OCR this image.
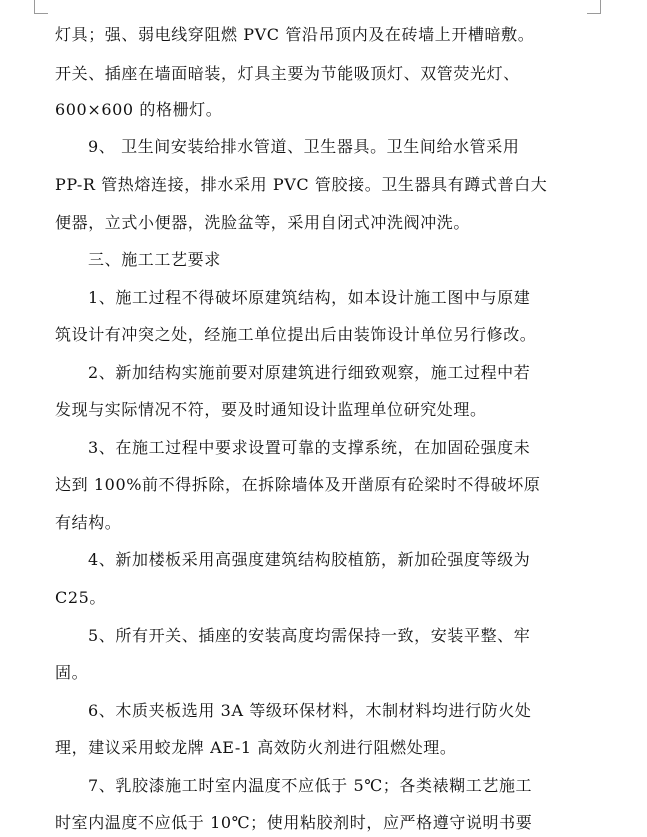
灯具；强、弱电线穿阻燃 PVC 管沿吊顶内及在砖墙上开槽暗敷。
开关、插座在墙面暗装，灯具主要为节能吸顶灯、双管荧光灯、
600×600 的格栅灯。
9、 卫生间安装给排水管道、卫生器具。卫生间给水管采用
PP-R 管热熔连接，排水采用 PVC 管胶接。卫生器具有蹲式普白大
便器，立式小便器，洗脸盆等，采用自闭式冲洗阀冲洗。
三、施工工艺要求
1、施工过程不得破坏原建筑结构，如本设计施工图中与原建
筑设计有冲突之处，经施工单位提出后由装饰设计单位另行修改。
2、新加结构实施前要对原建筑进行细致观察，施工过程中若
发现与实际情况不符，要及时通知设计监理单位研究处理。
3、在施工过程中要求设置可靠的支撑系统，在加固砼强度未
达到 100%前不得拆除，在拆除墙体及开凿原有砼梁时不得破坏原
有结构。
4、新加楼板采用高强度建筑结构胶植筋，新加砼强度等级为
C25。
5、所有开关、插座的安装高度均需保持一致，安装平整、牢
固。
6、木质夹板选用 3A 等级环保材料，木制材料均进行防火处
理，建议采用蛟龙牌 AE-1 高效防火剂进行阻燃处理。
7、乳胶漆施工时室内温度不应低于 5℃；各类裱糊工艺施工
时室内温度不应低于 10℃；使用粘胶剂时，应严格遵守说明书要
